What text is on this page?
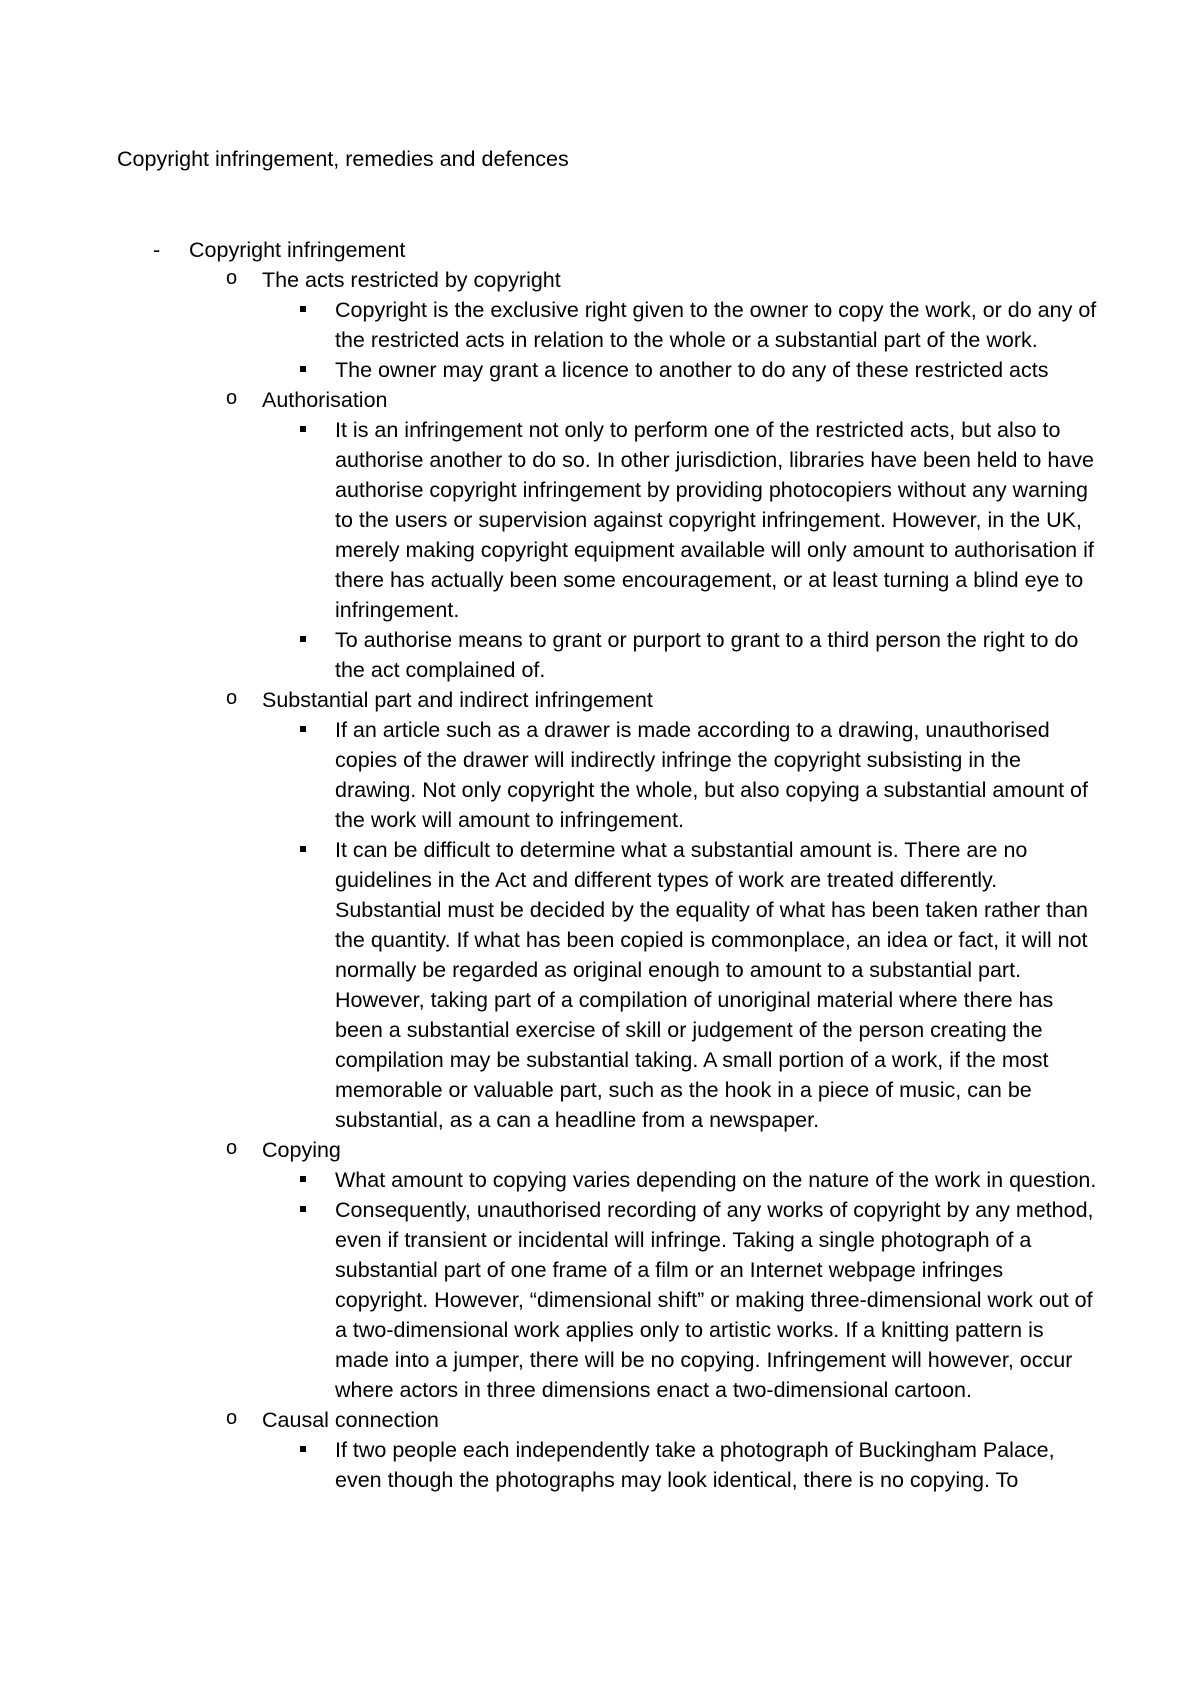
Copyright infringement, remedies and defences
- Copyright infringement
o The acts restricted by copyright
Copyright is the exclusive right given to the owner to copy the work, or do any of the restricted acts in relation to the whole or a substantial part of the work.
The owner may grant a licence to another to do any of these restricted acts
o Authorisation
It is an infringement not only to perform one of the restricted acts, but also to authorise another to do so. In other jurisdiction, libraries have been held to have authorise copyright infringement by providing photocopiers without any warning to the users or supervision against copyright infringement. However, in the UK, merely making copyright equipment available will only amount to authorisation if there has actually been some encouragement, or at least turning a blind eye to infringement.
To authorise means to grant or purport to grant to a third person the right to do the act complained of.
o Substantial part and indirect infringement
If an article such as a drawer is made according to a drawing, unauthorised copies of the drawer will indirectly infringe the copyright subsisting in the drawing. Not only copyright the whole, but also copying a substantial amount of the work will amount to infringement.
It can be difficult to determine what a substantial amount is. There are no guidelines in the Act and different types of work are treated differently. Substantial must be decided by the equality of what has been taken rather than the quantity. If what has been copied is commonplace, an idea or fact, it will not normally be regarded as original enough to amount to a substantial part. However, taking part of a compilation of unoriginal material where there has been a substantial exercise of skill or judgement of the person creating the compilation may be substantial taking. A small portion of a work, if the most memorable or valuable part, such as the hook in a piece of music, can be substantial, as a can a headline from a newspaper.
o Copying
What amount to copying varies depending on the nature of the work in question.
Consequently, unauthorised recording of any works of copyright by any method, even if transient or incidental will infringe. Taking a single photograph of a substantial part of one frame of a film or an Internet webpage infringes copyright. However, “dimensional shift” or making three-dimensional work out of a two-dimensional work applies only to artistic works. If a knitting pattern is made into a jumper, there will be no copying. Infringement will however, occur where actors in three dimensions enact a two-dimensional cartoon.
o Causal connection
If two people each independently take a photograph of Buckingham Palace, even though the photographs may look identical, there is no copying. To
